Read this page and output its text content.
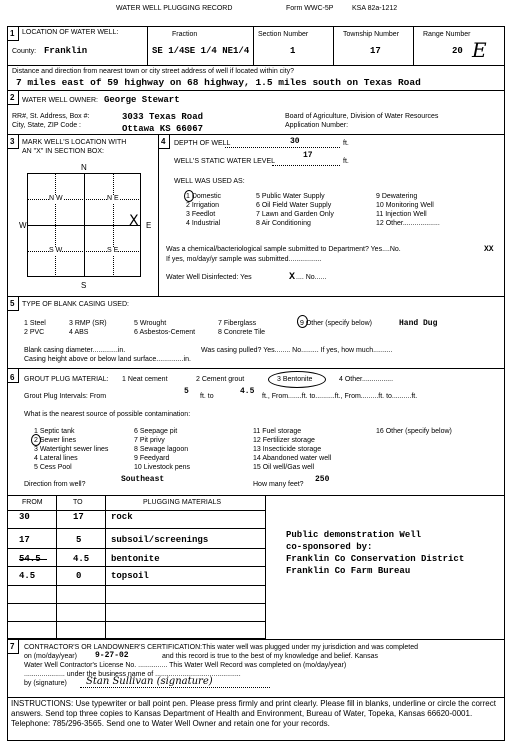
WATER WELL PLUGGING RECORD	Form WWC-5P	KSA 82a-1212
1 LOCATION OF WATER WELL:
County: Franklin
Fraction
SE 1/4SE 1/4 NE1/4
Section Number
1
Township Number
17
Range Number
20 E
Distance and direction from nearest town or city street address of well if located within city?
7 miles east of 59 highway on 68 highway, 1.5 miles south on Texas Road
2 WATER WELL OWNER: George Stewart
RR#, St. Address, Box #:	3033 Texas Road
City, State, ZIP Code :	Ottawa KS 66067
Board of Agriculture, Division of Water Resources
Application Number:
3 MARK WELL'S LOCATION WITH
AN "X" IN SECTION BOX:
N
S
W	E
N W	N E
S W	S E
X
4 DEPTH OF WELL	30	ft.
WELL'S STATIC WATER LEVEL
17
ft.
WELL WAS USED AS:
1 Domestic	5 Public Water Supply	9 Dewatering
2 Irrigation	6 Oil Field Water Supply	10 Monitoring Well
3 Feedlot	7 Lawn and Garden Only	11 Injection Well
4 Industrial	8 Air Conditioning	12 Other...................
Was a chemical/bacteriological sample submitted to Department? Yes....No.	XX
If yes, mo/day/yr sample was submitted.................
Water Well Disinfected: Yes	X .... No......
5 TYPE OF BLANK CASING USED:
1 Steel	3 RMP (SR)	5 Wrought	7 Fiberglass	9 Other (specify below)	Hand Dug
2 PVC	4 ABS	6 Asbestos-Cement	8 Concrete Tile
Blank casing diameter.............in.	Was casing pulled? Yes........ No......... If yes, how much..........
Casing height above or below land surface..............in.
6 GROUT PLUG MATERIAL: 1 Neat cement	2 Cement grout	3 Bentonite	4 Other................
Grout Plug Intervals: From
5
ft. to
4.5
ft., From.......ft. to..........ft., From.........ft. to..........ft.
What is the nearest source of possible contamination:
1 Septic tank	6 Seepage pit	11 Fuel storage	16 Other (specify below)
2 Sewer lines	7 Pit privy	12 Fertilizer storage
3 Watertight sewer lines	8 Sewage lagoon	13 Insecticide storage
4 Lateral lines	9 Feedyard	14 Abandoned water well
5 Cess Pool	10 Livestock pens	15 Oil well/Gas well
Direction from well?
Southeast
How many feet?
250
FROM	TO	PLUGGING MATERIALS
30	17	rock
17	5	subsoil/screenings
54.5	4.5 bentonite
4.5	0	topsoil
Public demonstration Well
co-sponsored by:
Franklin Co Conservation District
Franklin Co Farm Bureau
7 CONTRACTOR'S OR LANDOWNER'S CERTIFICATION:This water well was plugged under my jurisdiction and was completed
on (mo/day/year) 9-27-02	and this record is true to the best of my knowledge and belief. Kansas
Water Well Contractor's License No. ............... This Water Well Record was completed on (mo/day/year)
..................... under the business name of ............................................
by (signature) Stan Sullivan (signature)
INSTRUCTIONS: Use typewriter or ball point pen. Please press firmly and print clearly. Please fill in blanks, underline or circle the correct answers. Send top three copies to Kansas Department of Health and Environment, Bureau of Water, Topeka, Kansas 66620-0001. Telephone: 785/296-3565. Send one to Water Well Owner and retain one for your records.
